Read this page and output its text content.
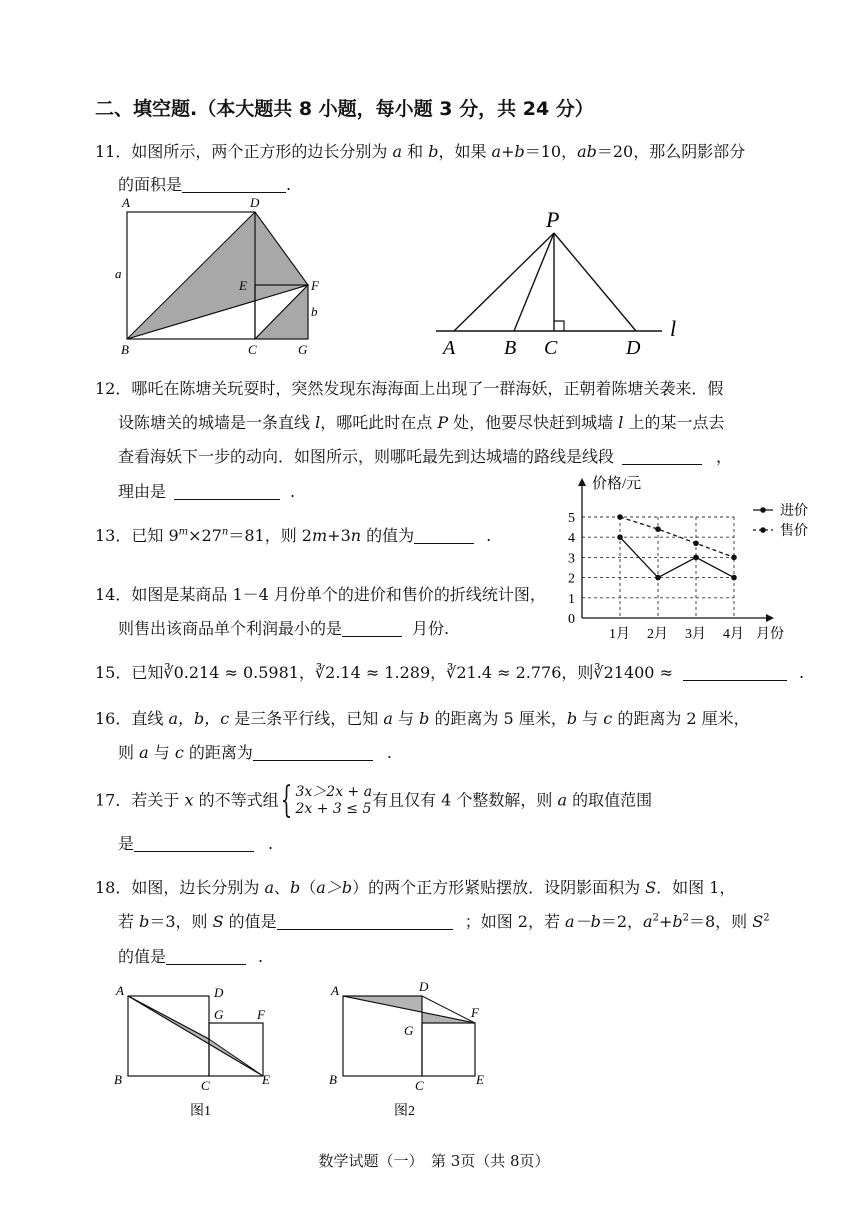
二、填空题.（本大题共 8 小题，每小题 3 分，共 24 分）
11．如图所示，两个正方形的边长分别为 a 和 b，如果 a+b＝10，ab＝20，那么阴影部分
的面积是	.
A	D
E	F
B	C	G
a
b
P
A B C	D
l
12．哪吒在陈塘关玩耍时，突然发现东海海面上出现了一群海妖，正朝着陈塘关袭来．假
设陈塘关的城墙是一条直线 l，哪吒此时在点 P 处，他要尽快赶到城墙 l 上的某一点去
查看海妖下一步的动向．如图所示，则哪吒最先到达城墙的路线是线段	，
理由是	.
13．已知 $9^m\times 27^n=81$，则 2m+3n 的值为	.
14．如图是某商品 1－4 月份单个的进价和售价的折线统计图，
则售出该商品单个利润最小的是	月份.	0
1
2
3
4
5
1月 2月 3月 4月
价格/元
月份
进价
售价
15．已知∛0.214 ≈ 0.5981，∛2.14 ≈ 1.289，∛21.4 ≈ 2.776，则∛21400 ≈	.
16．直线 a，b，c 是三条平行线，已知 a 与 b 的距离为 5 厘米，b 与 c 的距离为 2 厘米，
则 a 与 c 的距离为	.
17．若关于 x 的不等式组{ 3x＞2x + a
2x + 3 ≤ 5有且仅有 4 个整数解，则 a 的取值范围
是	.
18．如图，边长分别为 a、b（a＞b）的两个正方形紧贴摆放．设阴影面积为 S．如图 1，
若 b＝3，则 S 的值是	；如图 2，若 a－b＝2，$a^2+b^2=8$，则 $S^2$
的值是	.
A	D
G	F
B	C	E
图1
A	D
G
F
B	C	E
图2
数学试题（一）　第 3页（共 8页）
